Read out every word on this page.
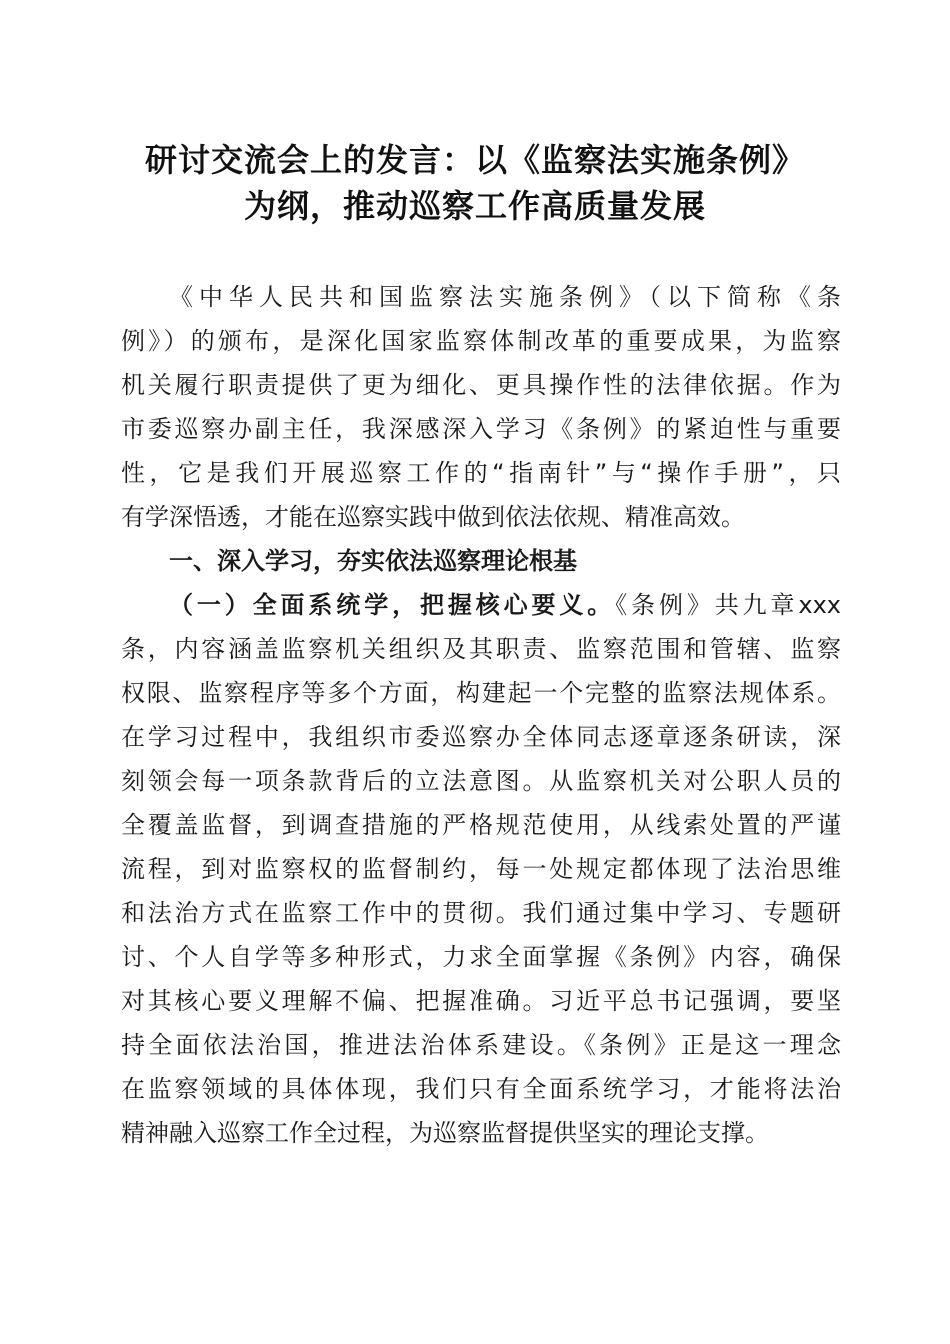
研讨交流会上的发言：以《监察法实施条例》
为纲，推动巡察工作高质量发展
《中华人民共和国监察法实施条例》（以下简称《条
例》）的颁布，是深化国家监察体制改革的重要成果，为监察
机关履行职责提供了更为细化、更具操作性的法律依据。作为
市委巡察办副主任，我深感深入学习《条例》的紧迫性与重要
性，它是我们开展巡察工作的“指南针”与“操作手册”，只
有学深悟透，才能在巡察实践中做到依法依规、精准高效。
一、深入学习，夯实依法巡察理论根基
（一）全面系统学，把握核心要义。《条例》共九章xxx
条，内容涵盖监察机关组织及其职责、监察范围和管辖、监察
权限、监察程序等多个方面，构建起一个完整的监察法规体系。
在学习过程中，我组织市委巡察办全体同志逐章逐条研读，深
刻领会每一项条款背后的立法意图。从监察机关对公职人员的
全覆盖监督，到调查措施的严格规范使用，从线索处置的严谨
流程，到对监察权的监督制约，每一处规定都体现了法治思维
和法治方式在监察工作中的贯彻。我们通过集中学习、专题研
讨、个人自学等多种形式，力求全面掌握《条例》内容，确保
对其核心要义理解不偏、把握准确。习近平总书记强调，要坚
持全面依法治国，推进法治体系建设。《条例》正是这一理念
在监察领域的具体体现，我们只有全面系统学习，才能将法治
精神融入巡察工作全过程，为巡察监督提供坚实的理论支撑。
